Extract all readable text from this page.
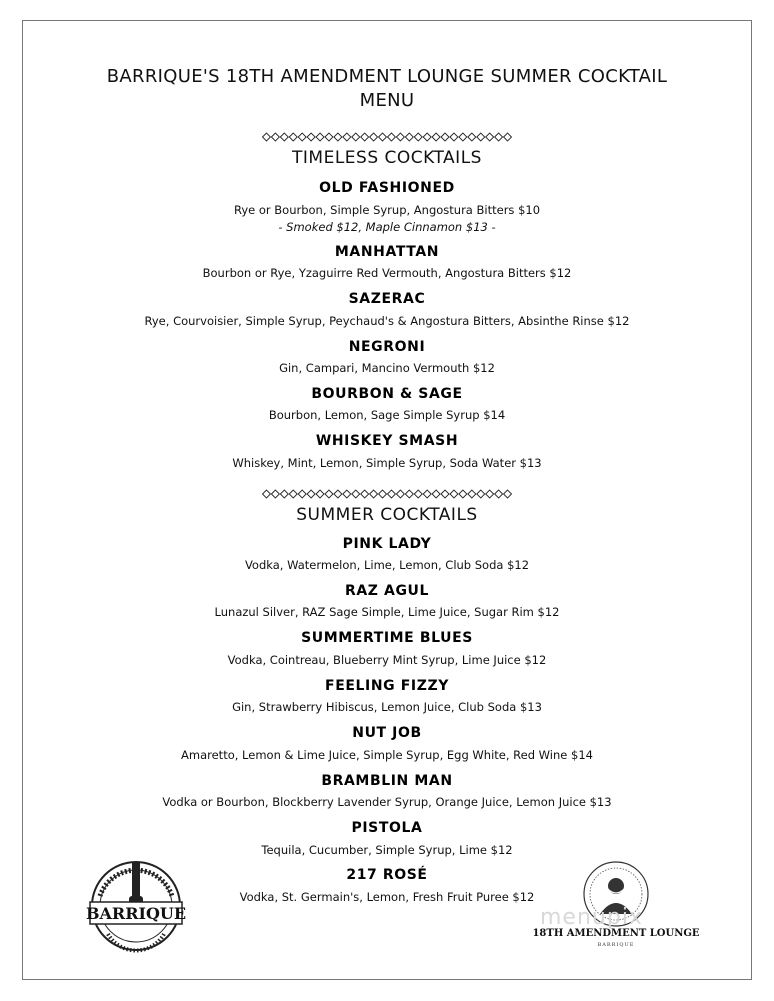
BARRIQUE'S 18TH AMENDMENT LOUNGE SUMMER COCKTAIL
MENU
TIMELESS COCKTAILS
OLD FASHIONED
Rye or Bourbon, Simple Syrup, Angostura Bitters $10
- Smoked $12, Maple Cinnamon $13 -
MANHATTAN
Bourbon or Rye, Yzaguirre Red Vermouth, Angostura Bitters $12
SAZERAC
Rye, Courvoisier, Simple Syrup, Peychaud's & Angostura Bitters, Absinthe Rinse $12
NEGRONI
Gin, Campari, Mancino Vermouth $12
BOURBON & SAGE
Bourbon, Lemon, Sage Simple Syrup $14
WHISKEY SMASH
Whiskey, Mint, Lemon, Simple Syrup, Soda Water $13
SUMMER COCKTAILS
PINK LADY
Vodka, Watermelon, Lime, Lemon, Club Soda $12
RAZ AGUL
Lunazul Silver, RAZ Sage Simple, Lime Juice, Sugar Rim $12
SUMMERTIME BLUES
Vodka, Cointreau, Blueberry Mint Syrup, Lime Juice $12
FEELING FIZZY
Gin, Strawberry Hibiscus, Lemon Juice, Club Soda $13
NUT JOB
Amaretto, Lemon & Lime Juice, Simple Syrup, Egg White, Red Wine $14
BRAMBLIN MAN
Vodka or Bourbon, Blockberry Lavender Syrup, Orange Juice, Lemon Juice $13
PISTOLA
Tequila, Cucumber, Simple Syrup, Lime $12
217 ROSÉ
Vodka, St. Germain's, Lemon, Fresh Fruit Puree $12
BARRIQUE
18TH AMENDMENT LOUNGE
BARRIQUE
menupix
